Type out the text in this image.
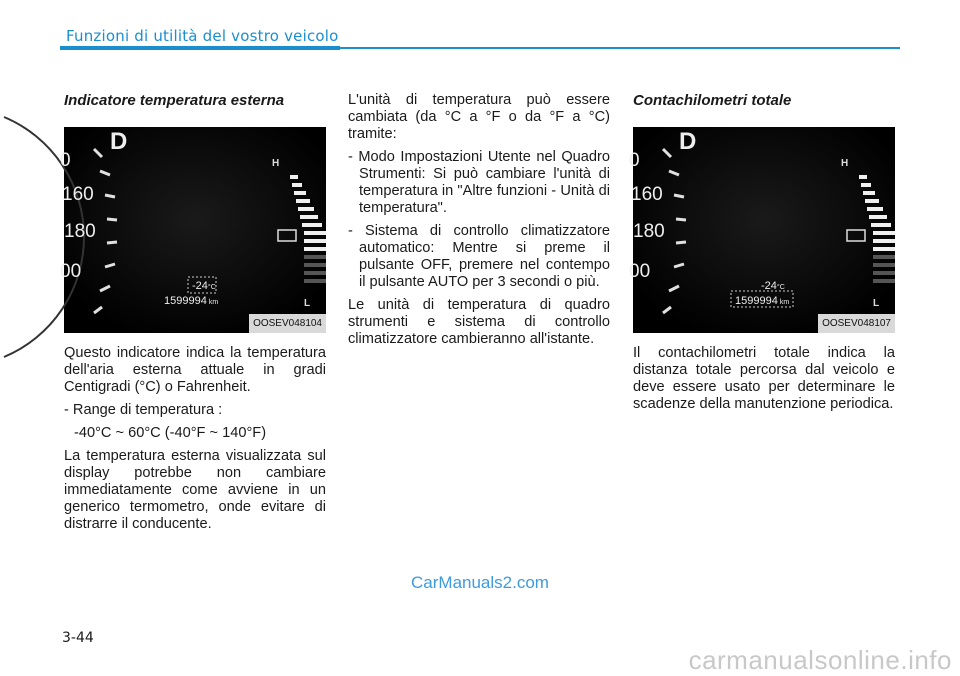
Funzioni di utilità del vostro veicolo
Indicatore temperatura esterna
D
0
160
180
00
H
L
-24°C
1599994 km
OOSEV048104

Questo indicatore indica la temperatura dell'aria esterna attuale in gradi Centigradi (°C) o Fahrenheit.

- Range di temperatura :

-40°C ~ 60°C (-40°F ~ 140°F)

La temperatura esterna visualizzata sul display potrebbe non cambiare immediatamente come avviene in un generico termometro, onde evitare di distrarre il conducente.

L'unità di temperatura può essere cambiata (da °C a °F o da °F a °C) tramite:

- Modo Impostazioni Utente nel Quadro Strumenti: Si può cambiare l'unità di temperatura in "Altre funzioni - Unità di temperatura".
- Sistema di controllo climatizzatore automatico: Mentre si preme il pulsante OFF, premere nel contempo il pulsante AUTO per 3 secondi o più.

Le unità di temperatura di quadro strumenti e sistema di controllo climatizzatore cambieranno all'istante.

Contachilometri totale
D
0
160
180
00
H
L
-24°C
1599994 km
OOSEV048107

Il contachilometri totale indica la distanza totale percorsa dal veicolo e deve essere usato per determinare le scadenze della manutenzione periodica.

CarManuals2.com
3-44
carmanualsonline.info
